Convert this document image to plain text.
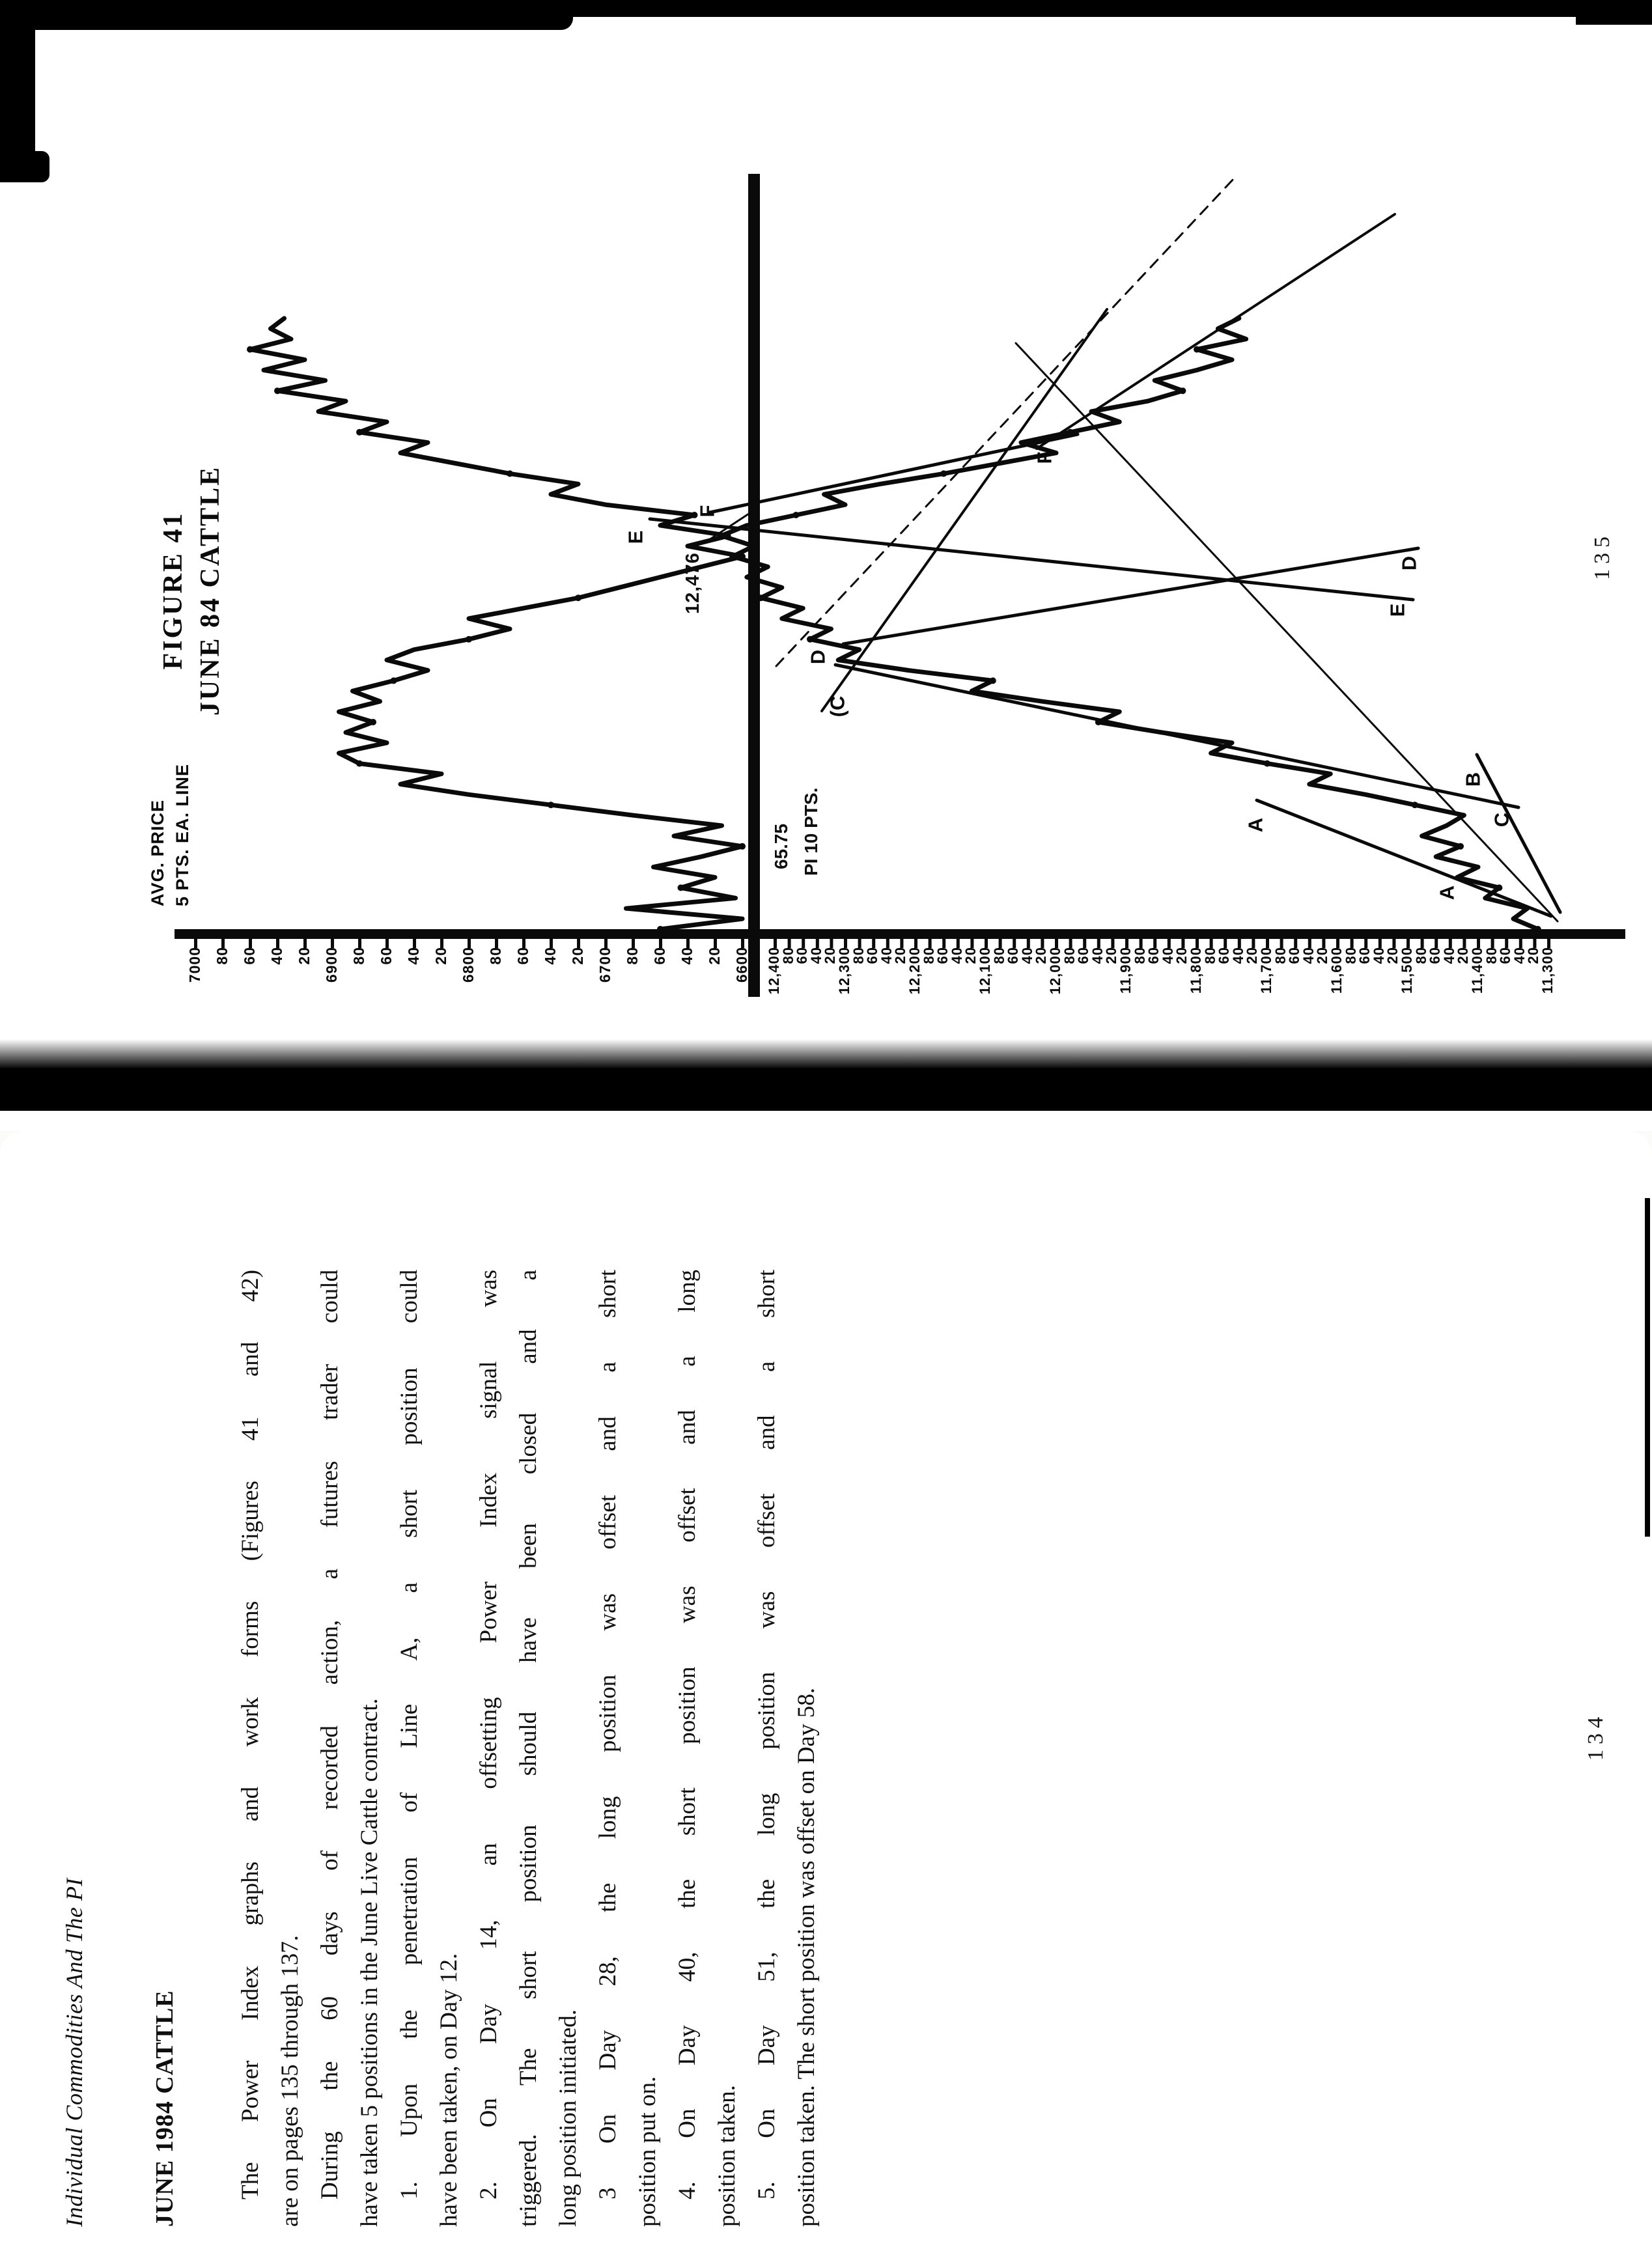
7000 80 60 40 20 6900 80 60 40 20 6800 80 60 40 20 6700 80 60 40 20 6600 12,400
80
60
40
20
12,300
80
60
40
20
12,200
80
60
40
20
12,100
80
60
40
20
12,000
80
60
40
20
11,900
80
60
40
20
11,800
80
60
40
20
11,700
80
60
40
20
11,600
80
60
40
20
11,500
80
60
40
20
11,400
80
60
40
20
11,300
A
A
B
C
(C
D
D
E
E
F
F
FIGURE 41 JUNE 84 CATTLE
AVG. PRICE 5 PTS. EA. LINE	65.75 PI 10 PTS.
12,476	135
Individual Commodities And The PI	JUNE 1984 CATTLE The Power Index graphs and work forms (Figures 41 and 42) are on pages 135 through 137. During the 60 days of recorded action, a futures trader could have taken 5 positions in the June Live Cattle contract. 1. Upon the penetration of Line A, a short position could have been taken, on Day 12. 2. On Day 14, an offsetting Power Index signal was triggered. The short position should have been closed and a long position initiated. 3 On Day 28, the long position was offset and a short position put on. 4. On Day 40, the short position was offset and a long position taken. 5. On Day 51, the long position was offset and a short position taken. The short position was offset on Day 58.	134
